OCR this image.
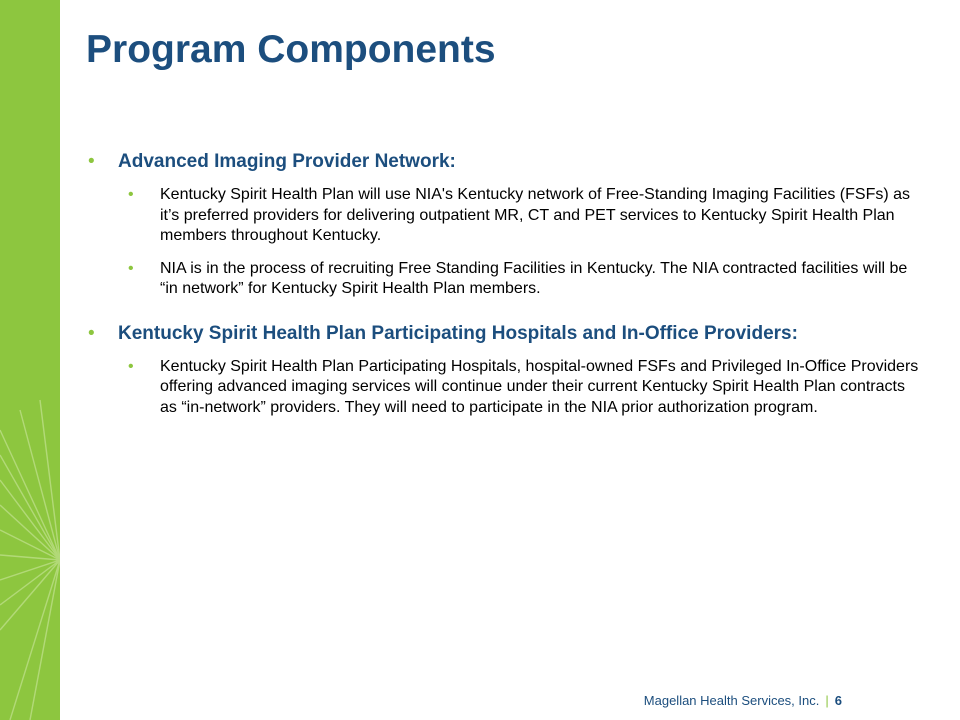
Program Components
• Advanced Imaging Provider Network:
• Kentucky Spirit Health Plan will use NIA's Kentucky network of Free-Standing Imaging Facilities (FSFs) as it’s preferred providers for delivering outpatient MR, CT and PET services to Kentucky Spirit Health Plan members throughout Kentucky.
• NIA is in the process of recruiting Free Standing Facilities in Kentucky. The NIA contracted facilities will be “in network” for Kentucky Spirit Health Plan members.
• Kentucky Spirit Health Plan Participating Hospitals and In-Office Providers:
• Kentucky Spirit Health Plan Participating Hospitals, hospital-owned FSFs and Privileged In-Office Providers offering advanced imaging services will continue under their current Kentucky Spirit Health Plan contracts as “in-network” providers. They will need to participate in the NIA prior authorization program.
Magellan Health Services, Inc. | 6
